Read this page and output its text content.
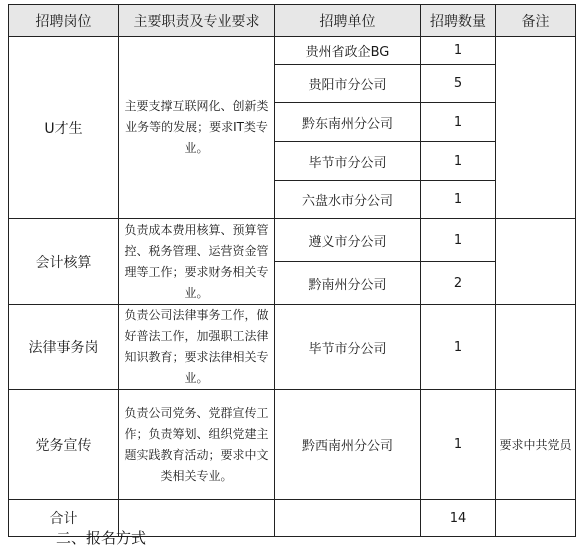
招聘岗位	主要职责及专业要求	招聘单位	招聘数量	备注
U才生	主要支撑互联网化、创新类业务等的发展；要求IT类专业。	贵州省政企BG	1	
		贵阳市分公司	5	
		黔东南州分公司	1	
		毕节市分公司	1	
		六盘水市分公司	1	
会计核算	负责成本费用核算、预算管控、税务管理、运营资金管理等工作；要求财务相关专业。	遵义市分公司	1	
		黔南州分公司	2	
法律事务岗	负责公司法律事务工作，做好普法工作，加强职工法律知识教育；要求法律相关专业。	毕节市分公司	1	
党务宣传	负责公司党务、党群宣传工作；负责筹划、组织党建主题实践教育活动；要求中文类相关专业。	黔西南州分公司	1	要求中共党员
合计			14	
二、报名方式
